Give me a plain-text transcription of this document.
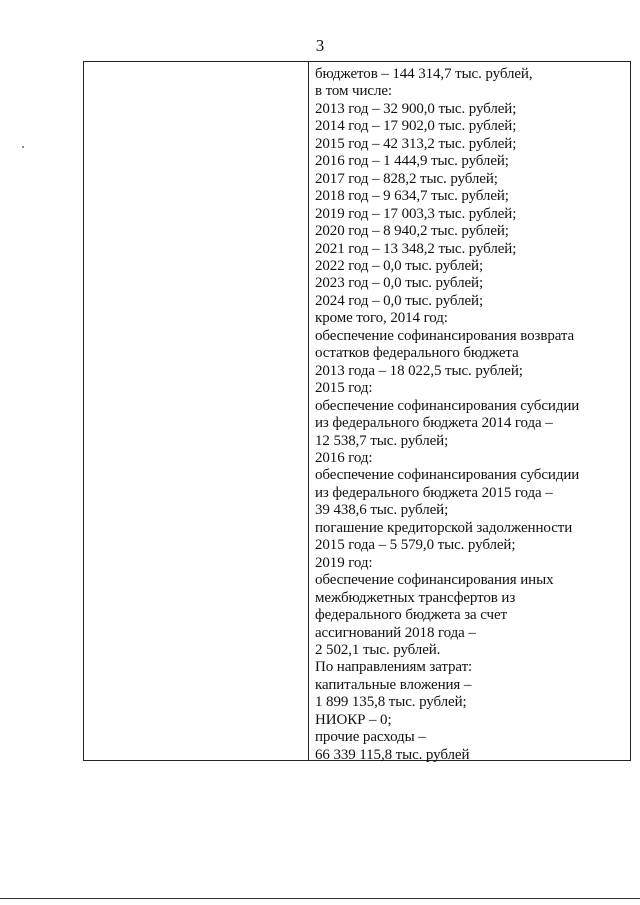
3
бюджетов – 144 314,7 тыс. рублей,
в том числе:
2013 год – 32 900,0 тыс. рублей;
2014 год – 17 902,0 тыс. рублей;
2015 год – 42 313,2 тыс. рублей;
2016 год – 1 444,9 тыс. рублей;
2017 год – 828,2 тыс. рублей;
2018 год – 9 634,7 тыс. рублей;
2019 год – 17 003,3 тыс. рублей;
2020 год – 8 940,2 тыс. рублей;
2021 год – 13 348,2 тыс. рублей;
2022 год – 0,0 тыс. рублей;
2023 год – 0,0 тыс. рублей;
2024 год – 0,0 тыс. рублей;
кроме того, 2014 год:
обеспечение софинансирования возврата
остатков федерального бюджета
2013 года – 18 022,5 тыс. рублей;
2015 год:
обеспечение софинансирования субсидии
из федерального бюджета 2014 года –
12 538,7 тыс. рублей;
2016 год:
обеспечение софинансирования субсидии
из федерального бюджета 2015 года –
39 438,6 тыс. рублей;
погашение кредиторской задолженности
2015 года – 5 579,0 тыс. рублей;
2019 год:
обеспечение софинансирования иных
межбюджетных трансфертов из
федерального бюджета за счет
ассигнований 2018 года –
2 502,1 тыс. рублей.
По направлениям затрат:
капитальные вложения –
1 899 135,8 тыс. рублей;
НИОКР – 0;
прочие расходы –
66 339 115,8 тыс. рублей
